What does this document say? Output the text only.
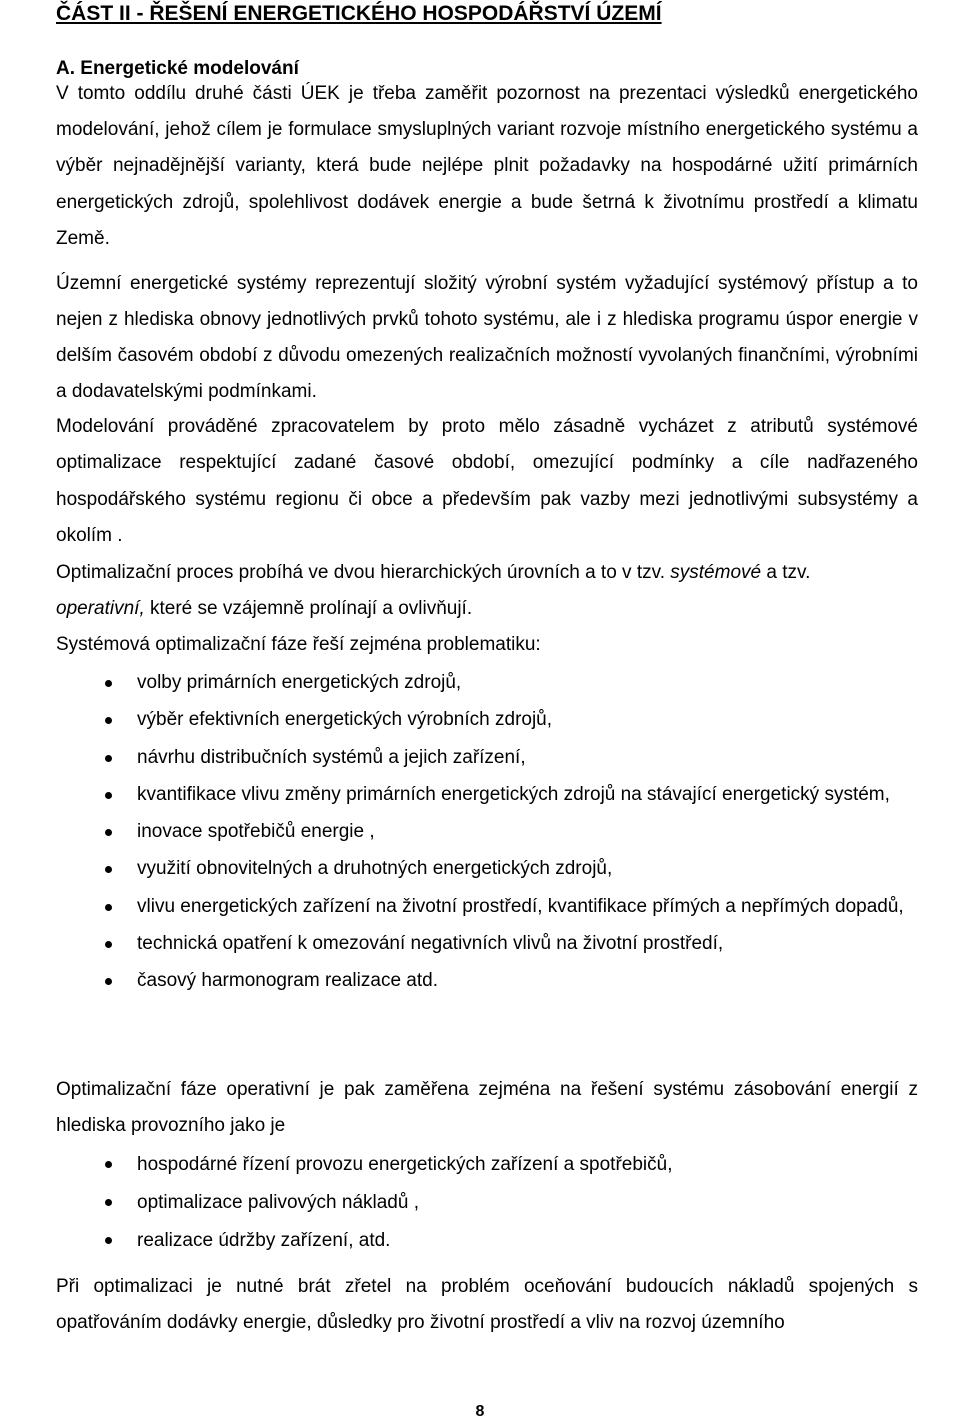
ČÁST II - ŘEŠENÍ ENERGETICKÉHO HOSPODÁŘSTVÍ ÚZEMÍ
A. Energetické modelování

V tomto oddílu druhé části ÚEK je třeba zaměřit pozornost na prezentaci výsledků energetického modelování, jehož cílem je formulace smysluplných variant rozvoje místního energetického systému a výběr nejnadějnější varianty, která bude nejlépe plnit požadavky na hospodárné užití primárních energetických zdrojů, spolehlivost dodávek energie a bude šetrná k životnímu prostředí a klimatu Země.

Územní energetické systémy reprezentují složitý výrobní systém vyžadující systémový přístup a to nejen z hlediska obnovy jednotlivých prvků tohoto systému, ale i z hlediska programu úspor energie v delším časovém období z důvodu omezených realizačních možností vyvolaných finančními, výrobními a dodavatelskými podmínkami.

Modelování prováděné zpracovatelem by proto mělo zásadně vycházet z atributů systémové optimalizace respektující zadané časové období, omezující podmínky a cíle nadřazeného hospodářského systému regionu či obce a především pak vazby mezi jednotlivými subsystémy a okolím .

Optimalizační proces probíhá ve dvou hierarchických úrovních a to v tzv. systémové a tzv.
operativní, které se vzájemně prolínají a ovlivňují.

Systémová optimalizační fáze řeší zejména problematiku:

volby primárních energetických zdrojů,
výběr efektivních energetických výrobních zdrojů,
návrhu distribučních systémů a jejich zařízení,
kvantifikace vlivu změny primárních energetických zdrojů na stávající energetický systém,
inovace spotřebičů energie ,
využití obnovitelných a druhotných energetických zdrojů,
vlivu energetických zařízení na životní prostředí, kvantifikace přímých a nepřímých dopadů,
technická opatření k omezování negativních vlivů na životní prostředí,
časový harmonogram realizace atd.

Optimalizační fáze operativní je pak zaměřena zejména na řešení systému zásobování energií z hlediska provozního jako je

hospodárné řízení provozu energetických zařízení a spotřebičů,
optimalizace palivových nákladů ,
realizace údržby zařízení, atd.

Při optimalizaci je nutné brát zřetel na problém oceňování budoucích nákladů spojených s opatřováním dodávky energie, důsledky pro životní prostředí a vliv na rozvoj územního

8
